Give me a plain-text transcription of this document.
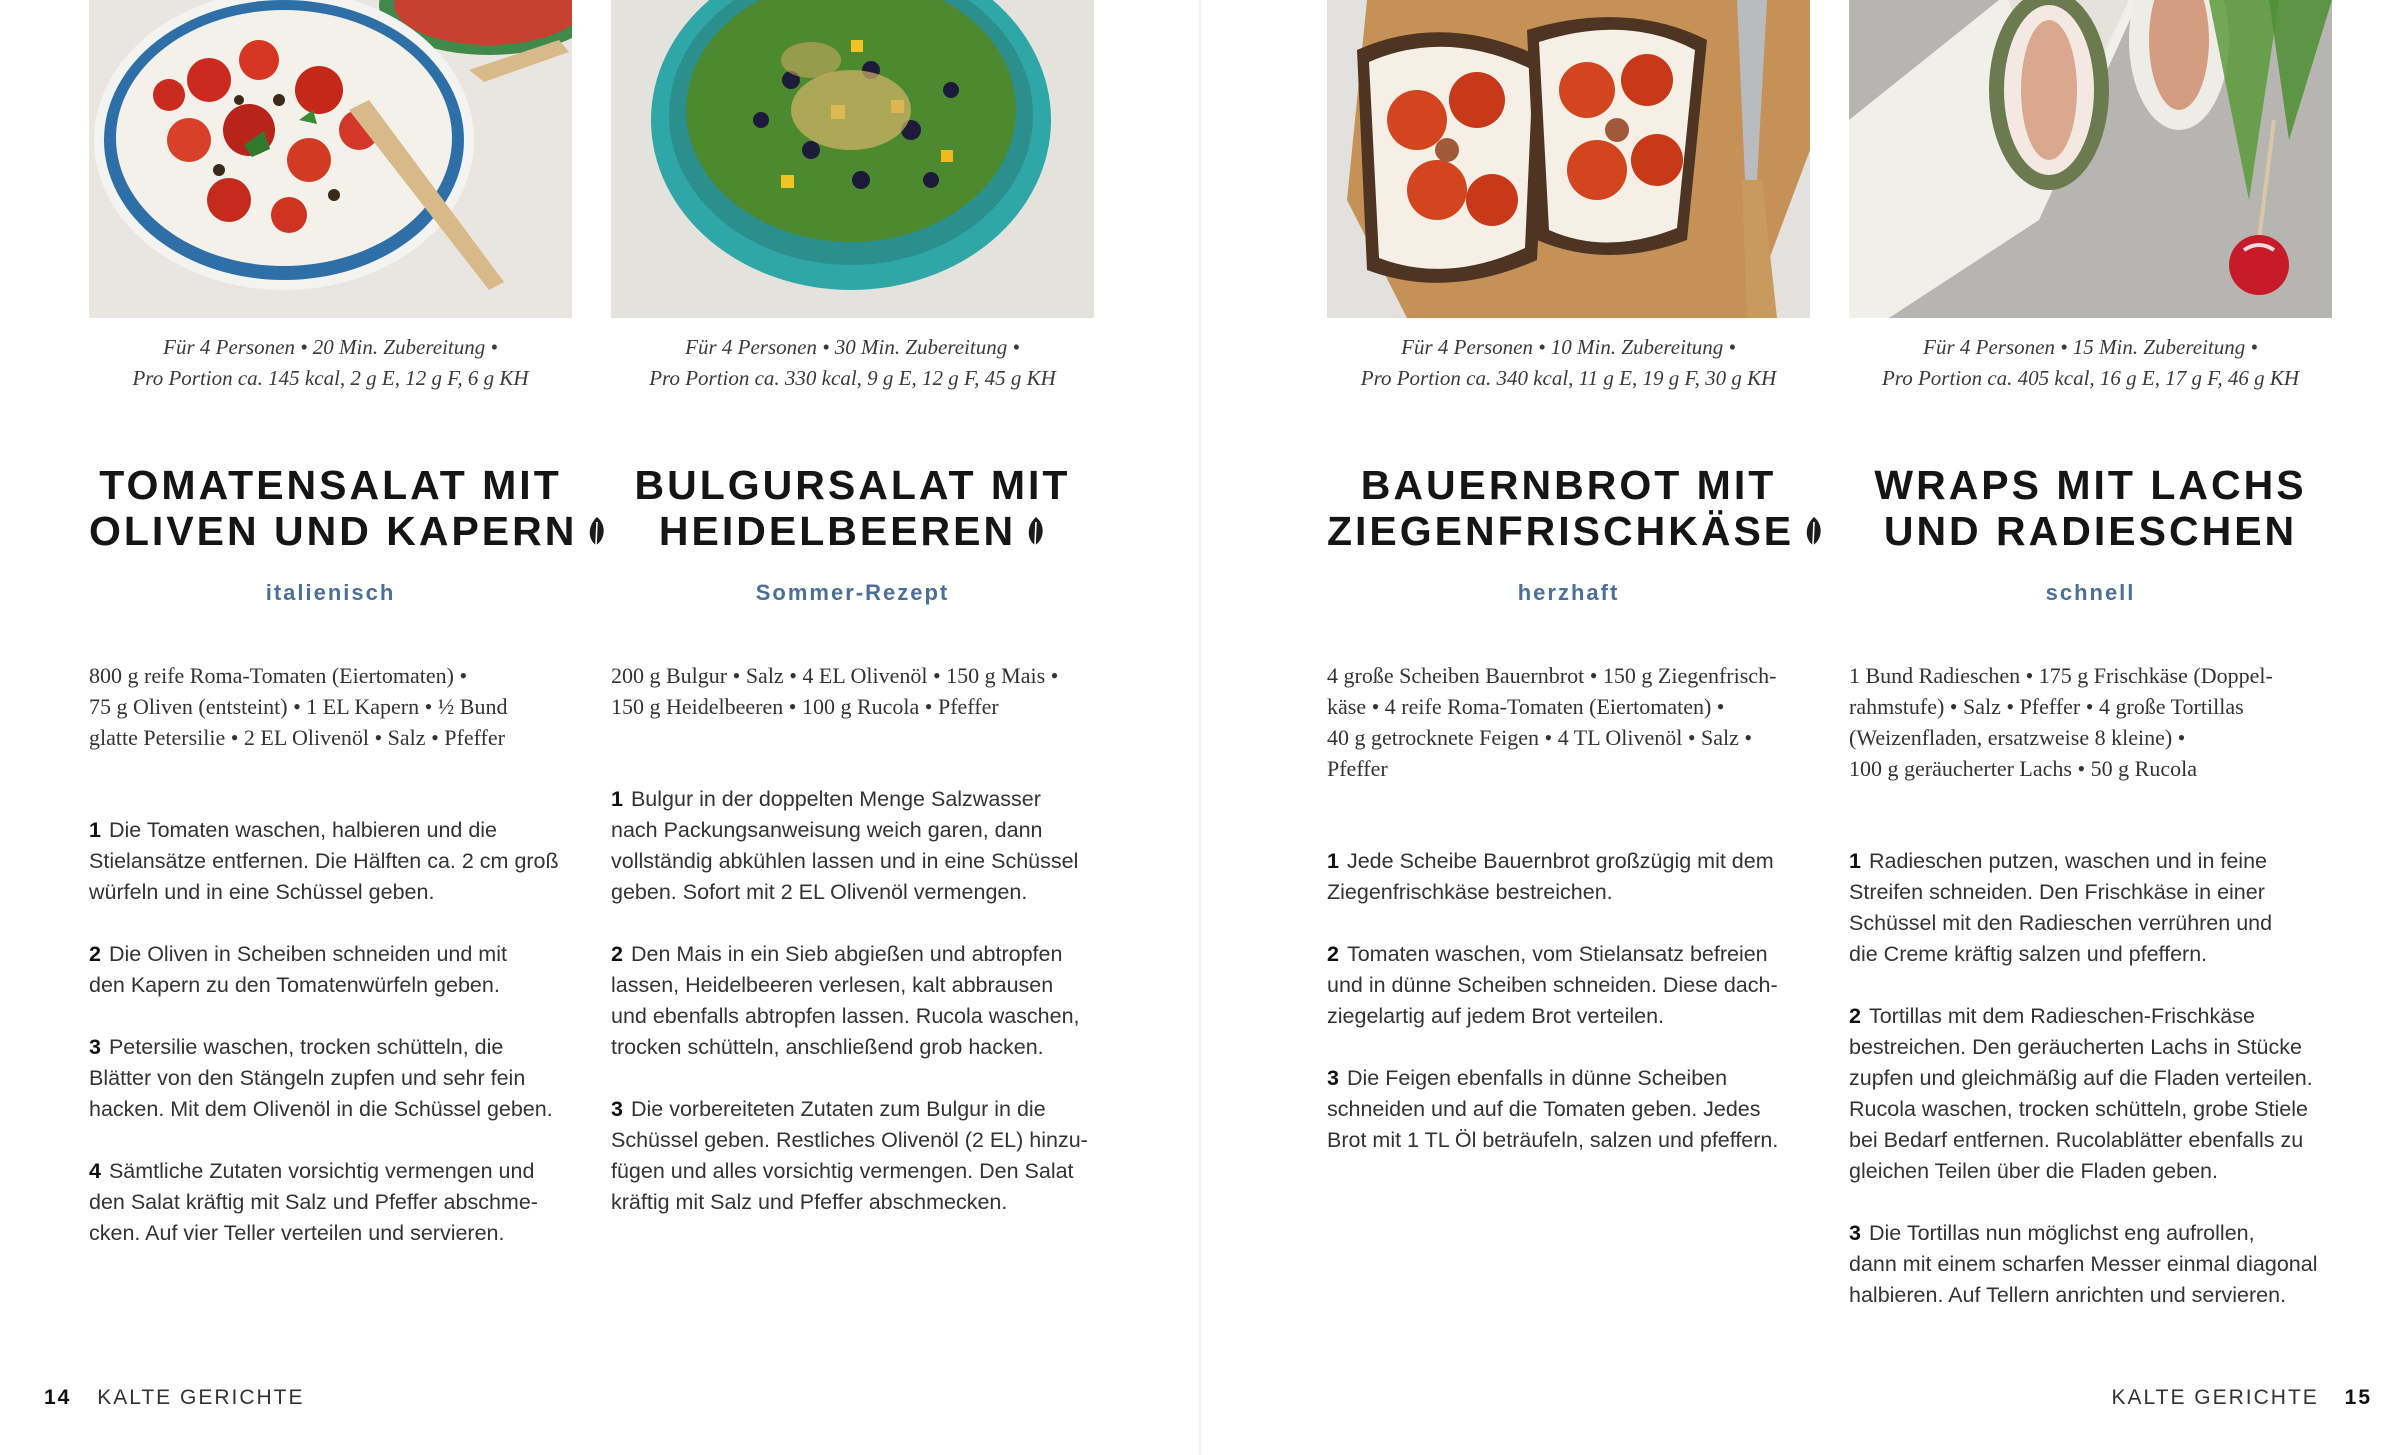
Für 4 Personen • 20 Min. Zubereitung •
Pro Portion ca. 145 kcal, 2 g E, 12 g F, 6 g KH
TOMATENSALAT MIT
OLIVEN UND KAPERN
italienisch
800 g reife Roma-Tomaten (Eiertomaten) •
75 g Oliven (entsteint) • 1 EL Kapern • ½ Bund
glatte Petersilie • 2 EL Olivenöl • Salz • Pfeffer
1 Die Tomaten waschen, halbieren und die
Stielansätze entfernen. Die Hälften ca. 2 cm groß
würfeln und in eine Schüssel geben.
2 Die Oliven in Scheiben schneiden und mit
den Kapern zu den Tomatenwürfeln geben.
3 Petersilie waschen, trocken schütteln, die
Blätter von den Stängeln zupfen und sehr fein
hacken. Mit dem Olivenöl in die Schüssel geben.
4 Sämtliche Zutaten vorsichtig vermengen und
den Salat kräftig mit Salz und Pfeffer abschme-
cken. Auf vier Teller verteilen und servieren.
Für 4 Personen • 30 Min. Zubereitung •
Pro Portion ca. 330 kcal, 9 g E, 12 g F, 45 g KH
BULGURSALAT MIT
HEIDELBEEREN
Sommer-Rezept
200 g Bulgur • Salz • 4 EL Olivenöl • 150 g Mais •
150 g Heidelbeeren • 100 g Rucola • Pfeffer
1 Bulgur in der doppelten Menge Salzwasser
nach Packungsanweisung weich garen, dann
vollständig abkühlen lassen und in eine Schüssel
geben. Sofort mit 2 EL Olivenöl vermengen.
2 Den Mais in ein Sieb abgießen und abtropfen
lassen, Heidelbeeren verlesen, kalt abbrausen
und ebenfalls abtropfen lassen. Rucola waschen,
trocken schütteln, anschließend grob hacken.
3 Die vorbereiteten Zutaten zum Bulgur in die
Schüssel geben. Restliches Olivenöl (2 EL) hinzu-
fügen und alles vorsichtig vermengen. Den Salat
kräftig mit Salz und Pfeffer abschmecken.
Für 4 Personen • 10 Min. Zubereitung •
Pro Portion ca. 340 kcal, 11 g E, 19 g F, 30 g KH
BAUERNBROT MIT
ZIEGENFRISCHKÄSE
herzhaft
4 große Scheiben Bauernbrot • 150 g Ziegenfrisch-
käse • 4 reife Roma-Tomaten (Eiertomaten) •
40 g getrocknete Feigen • 4 TL Olivenöl • Salz •
Pfeffer
1 Jede Scheibe Bauernbrot großzügig mit dem
Ziegenfrischkäse bestreichen.
2 Tomaten waschen, vom Stielansatz befreien
und in dünne Scheiben schneiden. Diese dach-
ziegelartig auf jedem Brot verteilen.
3 Die Feigen ebenfalls in dünne Scheiben
schneiden und auf die Tomaten geben. Jedes
Brot mit 1 TL Öl beträufeln, salzen und pfeffern.
Für 4 Personen • 15 Min. Zubereitung •
Pro Portion ca. 405 kcal, 16 g E, 17 g F, 46 g KH
WRAPS MIT LACHS
UND RADIESCHEN
schnell
1 Bund Radieschen • 175 g Frischkäse (Doppel-
rahmstufe) • Salz • Pfeffer • 4 große Tortillas
(Weizenfladen, ersatzweise 8 kleine) •
100 g geräucherter Lachs • 50 g Rucola
1 Radieschen putzen, waschen und in feine
Streifen schneiden. Den Frischkäse in einer
Schüssel mit den Radieschen verrühren und
die Creme kräftig salzen und pfeffern.
2 Tortillas mit dem Radieschen-Frischkäse
bestreichen. Den geräucherten Lachs in Stücke
zupfen und gleichmäßig auf die Fladen verteilen.
Rucola waschen, trocken schütteln, grobe Stiele
bei Bedarf entfernen. Rucolablätter ebenfalls zu
gleichen Teilen über die Fladen geben.
3 Die Tortillas nun möglichst eng aufrollen,
dann mit einem scharfen Messer einmal diagonal
halbieren. Auf Tellern anrichten und servieren.
14 KALTE GERICHTE	KALTE GERICHTE 15
